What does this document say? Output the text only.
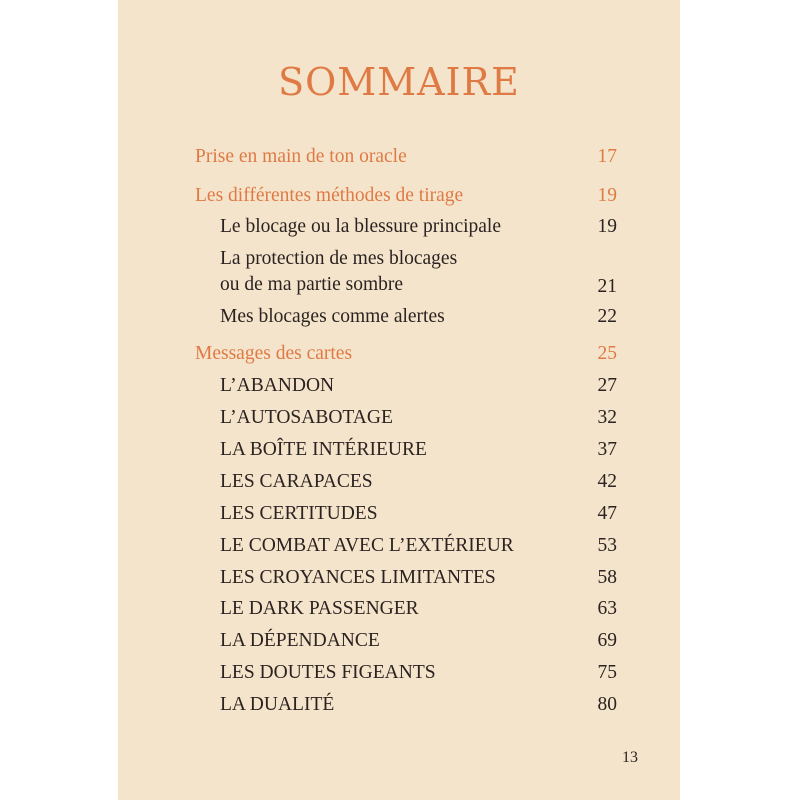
SOMMAIRE
Prise en main de ton oracle	17
Les différentes méthodes de tirage	19
Le blocage ou la blessure principale	19
La protection de mes blocages
ou de ma partie sombre	21
Mes blocages comme alertes	22
Messages des cartes	25
L’ABANDON	27
L’AUTOSABOTAGE	32
LA BOÎTE INTÉRIEURE	37
LES CARAPACES	42
LES CERTITUDES	47
LE COMBAT AVEC L’EXTÉRIEUR	53
LES CROYANCES LIMITANTES	58
LE DARK PASSENGER	63
LA DÉPENDANCE	69
LES DOUTES FIGEANTS	75
LA DUALITÉ	80
13
